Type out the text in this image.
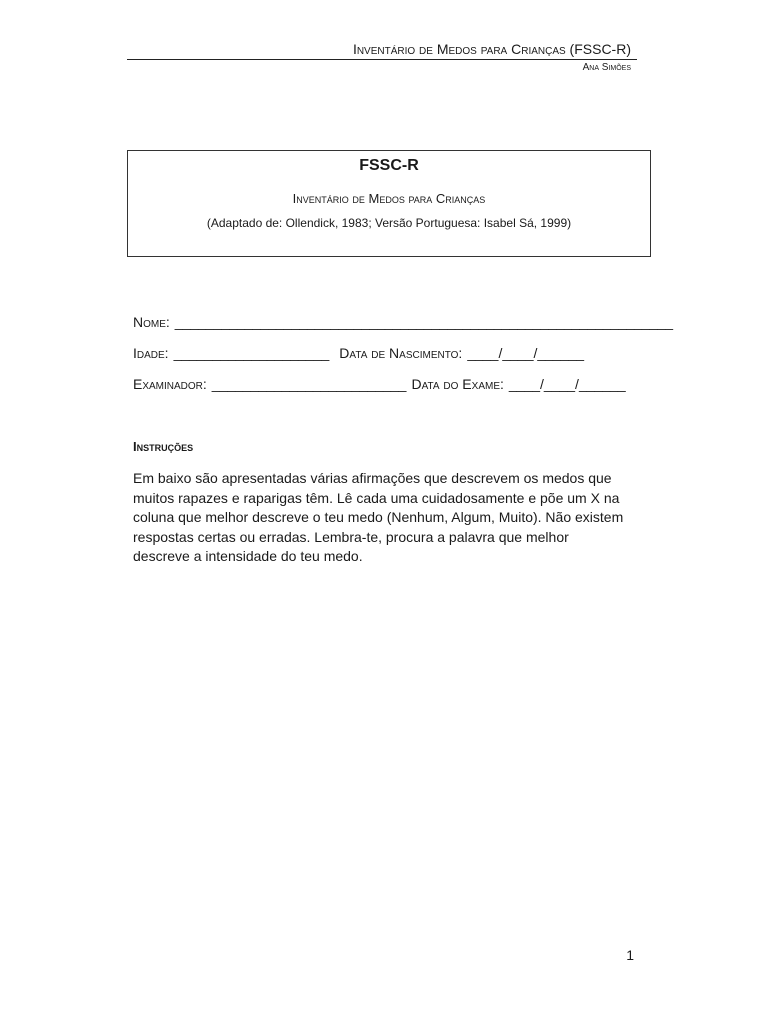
Inventário de Medos para Crianças (FSSC-R)
Ana Simões
FSSC-R
Inventário de Medos para Crianças
(Adaptado de: Ollendick, 1983; Versão Portuguesa: Isabel Sá, 1999)
Nome: ________________________________________________________________
Idade: ____________________ Data de Nascimento: ____/____/______
Examinador: _________________________ Data do Exame: ____/____/______
Instruções
Em baixo são apresentadas várias afirmações que descrevem os medos que
muitos rapazes e raparigas têm. Lê cada uma cuidadosamente e põe um X na
coluna que melhor descreve o teu medo (Nenhum, Algum, Muito). Não existem
respostas certas ou erradas. Lembra-te, procura a palavra que melhor
descreve a intensidade do teu medo.
1
